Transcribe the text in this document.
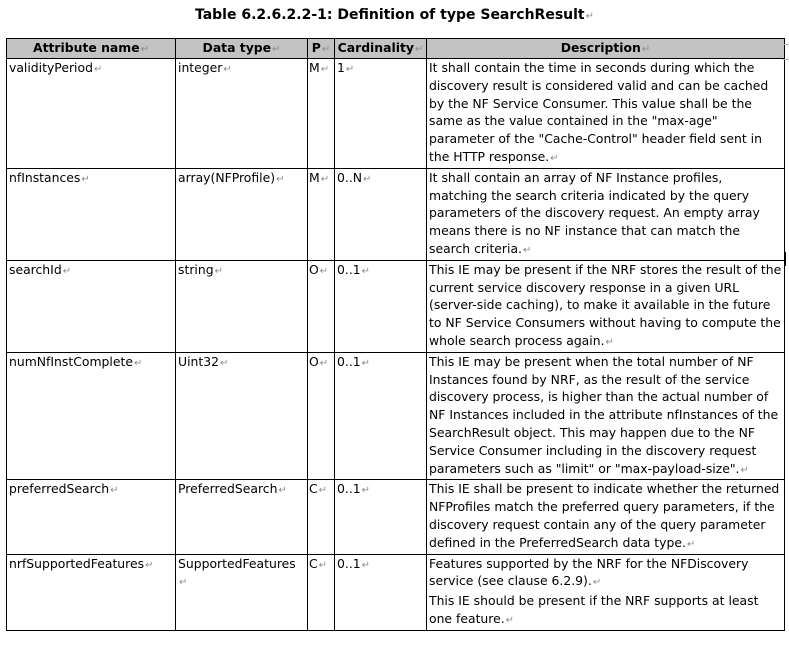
Table 6.2.6.2.2-1: Definition of type SearchResult↵
Attribute name↵	Data type↵	P↵	Cardinality↵	Description↵
validityPeriod↵	integer↵	M↵	1↵	It shall contain the time in seconds during which the discovery result is considered valid and can be cached by the NF Service Consumer. This value shall be the same as the value contained in the "max-age" parameter of the "Cache-Control" header field sent in the HTTP response.↵
nfInstances↵	array(NFProfile)↵	M↵	0..N↵	It shall contain an array of NF Instance profiles, matching the search criteria indicated by the query parameters of the discovery request. An empty array means there is no NF instance that can match the search criteria.↵
searchId↵	string↵	O↵	0..1↵	This IE may be present if the NRF stores the result of the current service discovery response in a given URL (server-side caching), to make it available in the future to NF Service Consumers without having to compute the whole search process again.↵
numNfInstComplete↵	Uint32↵	O↵	0..1↵	This IE may be present when the total number of NF Instances found by NRF, as the result of the service discovery process, is higher than the actual number of NF Instances included in the attribute nfInstances of the SearchResult object. This may happen due to the NF Service Consumer including in the discovery request parameters such as "limit" or "max-payload-size".↵
preferredSearch↵	PreferredSearch↵	C↵	0..1↵	This IE shall be present to indicate whether the returned NFProfiles match the preferred query parameters, if the discovery request contain any of the query parameter defined in the PreferredSearch data type.↵
nrfSupportedFeatures↵	SupportedFeatures↵	C↵	0..1↵	Features supported by the NRF for the NFDiscovery service (see clause 6.2.9).↵
This IE should be present if the NRF supports at least one feature.↵
